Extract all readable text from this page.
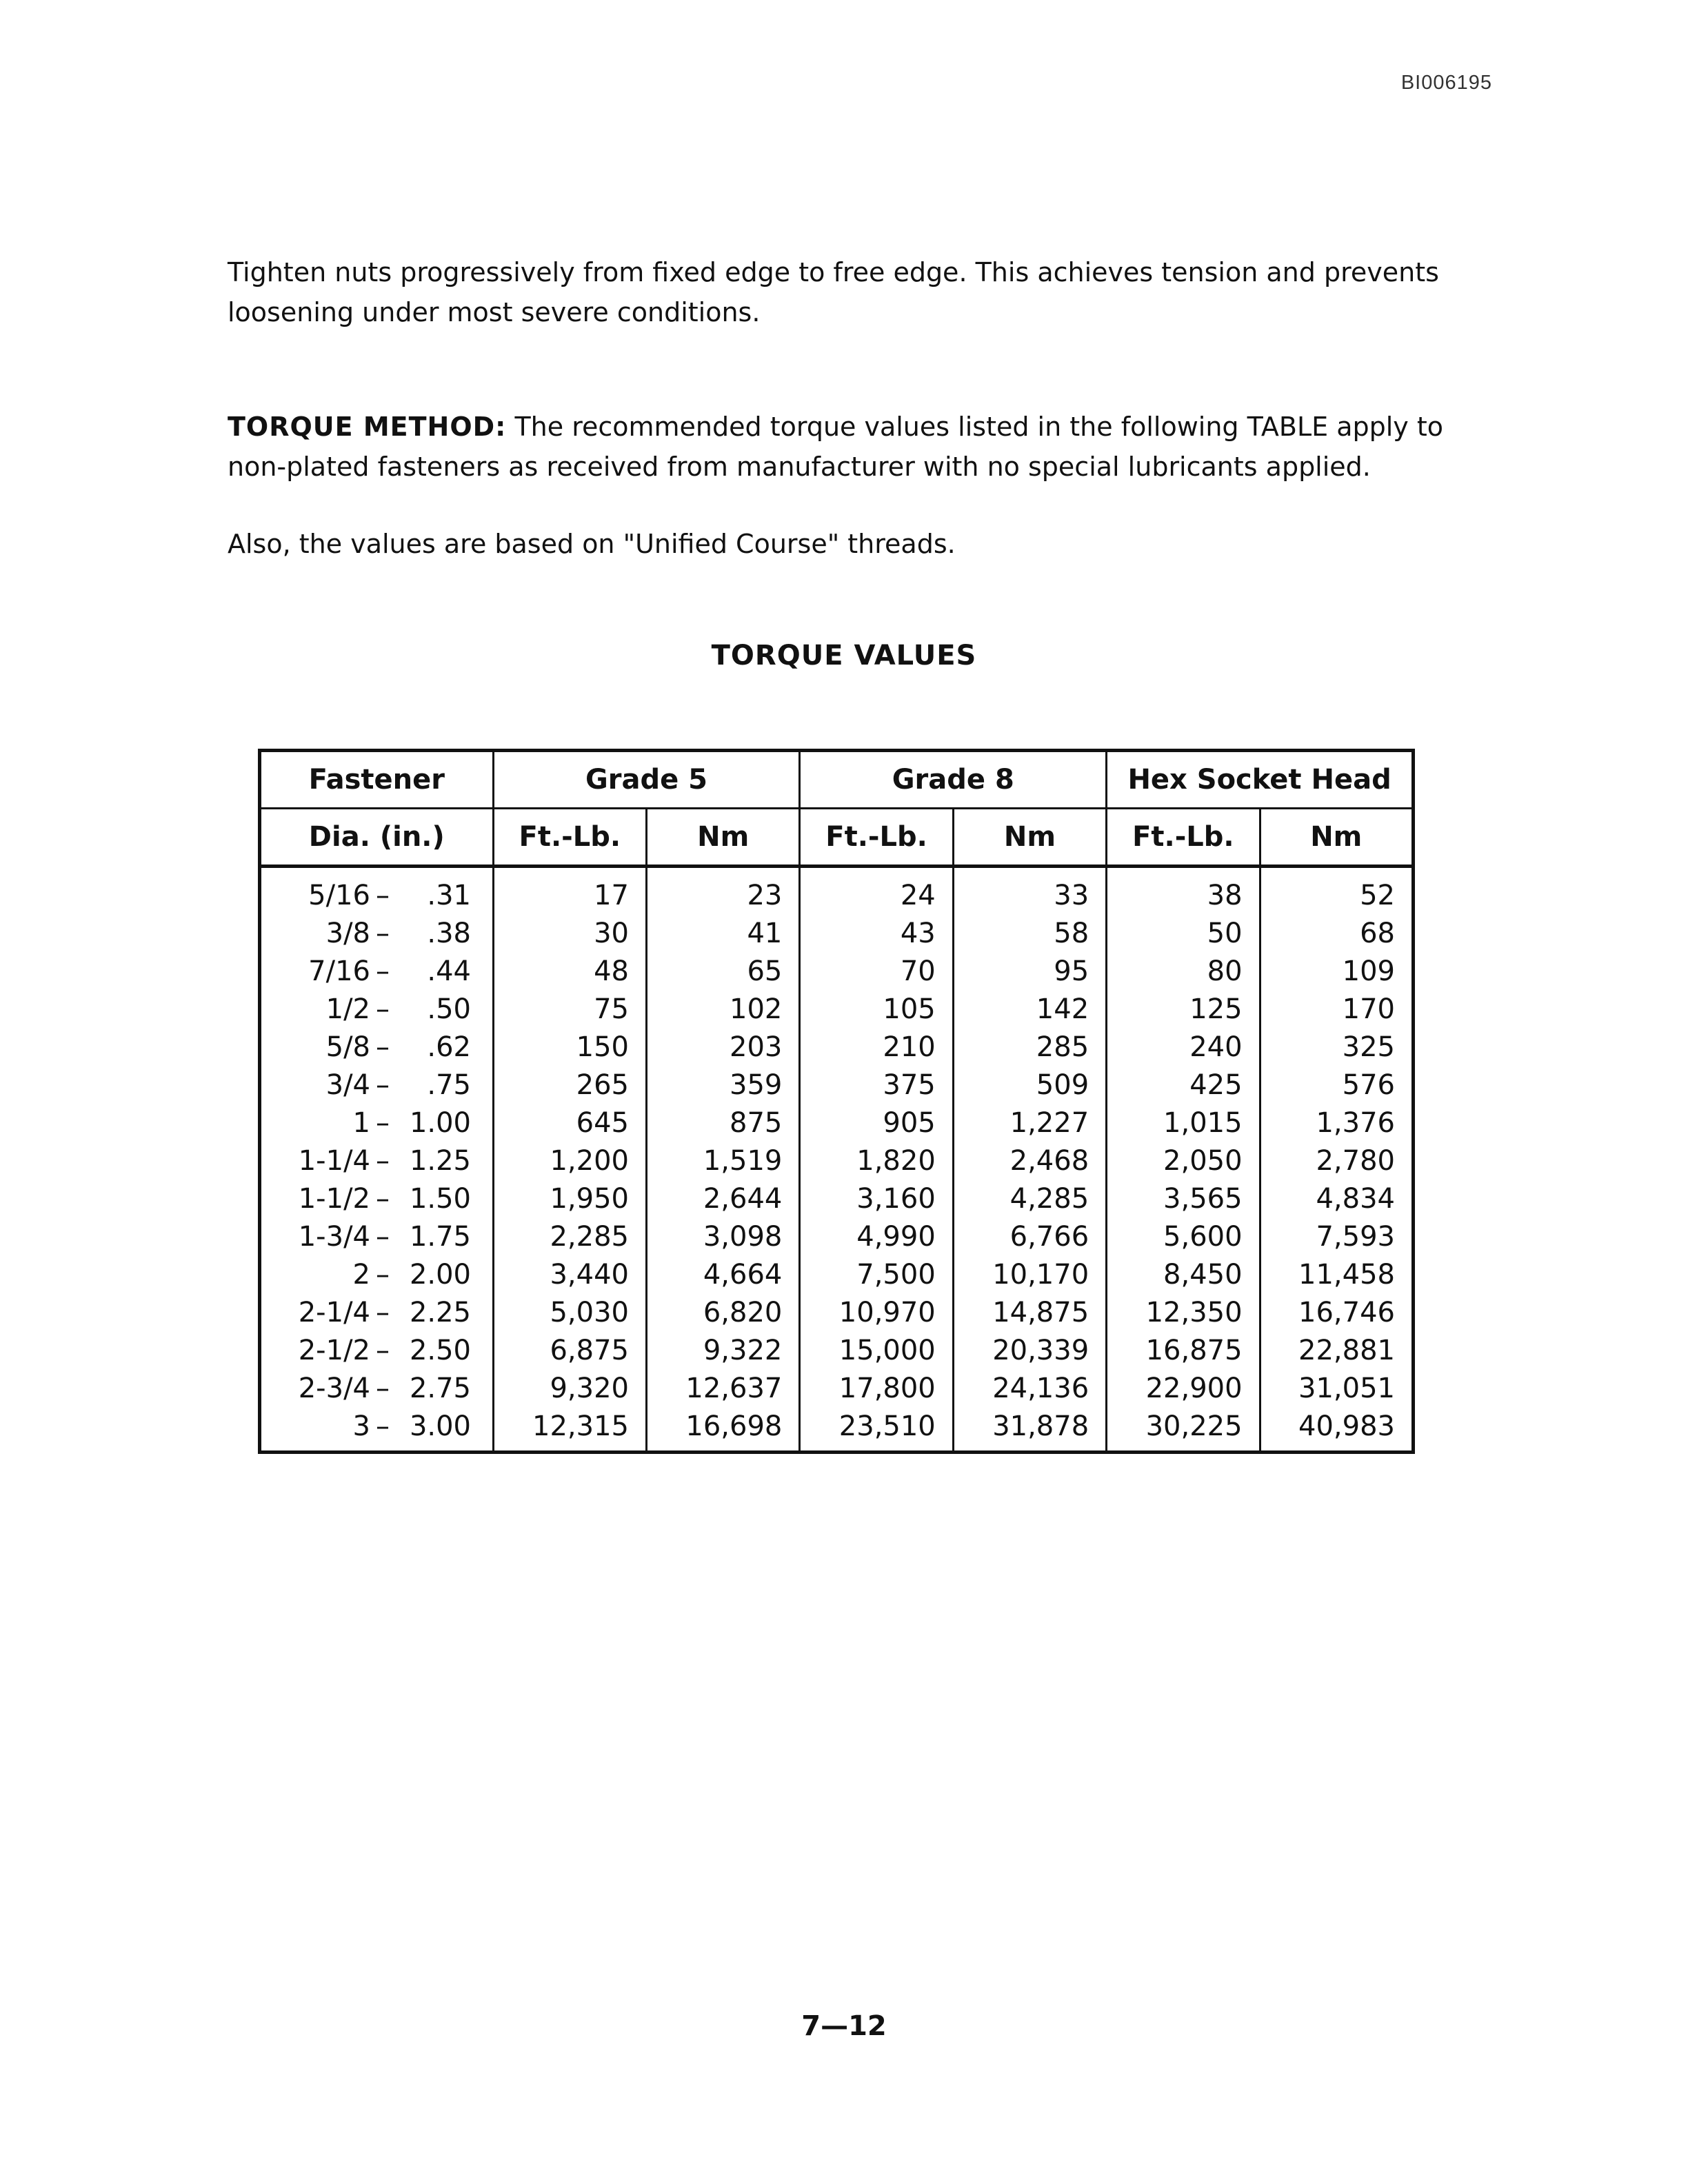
BI006195

Tighten nuts progressively from fixed edge to free edge. This achieves tension and prevents loosening under most severe conditions.

TORQUE METHOD: The recommended torque values listed in the following TABLE apply to non-plated fasteners as received from manufacturer with no special lubricants applied.

Also, the values are based on "Unified Course" threads.

TORQUE VALUES
Fastener	Grade 5		Grade 8		Hex Socket Head	
Dia. (in.)	Ft.-Lb.	Nm	Ft.-Lb.	Nm	Ft.-Lb.	Nm
5/16 – .31	17	23	24	33	38	52
3/8 – .38	30	41	43	58	50	68
7/16 – .44	48	65	70	95	80	109
1/2 – .50	75	102	105	142	125	170
5/8 – .62	150	203	210	285	240	325
3/4 – .75	265	359	375	509	425	576
1 – 1.00	645	875	905	1,227	1,015	1,376
1-1/4 – 1.25	1,200	1,519	1,820	2,468	2,050	2,780
1-1/2 – 1.50	1,950	2,644	3,160	4,285	3,565	4,834
1-3/4 – 1.75	2,285	3,098	4,990	6,766	5,600	7,593
2 – 2.00	3,440	4,664	7,500	10,170	8,450	11,458
2-1/4 – 2.25	5,030	6,820	10,970	14,875	12,350	16,746
2-1/2 – 2.50	6,875	9,322	15,000	20,339	16,875	22,881
2-3/4 – 2.75	9,320	12,637	17,800	24,136	22,900	31,051
3 – 3.00	12,315	16,698	23,510	31,878	30,225	40,983
7—12
